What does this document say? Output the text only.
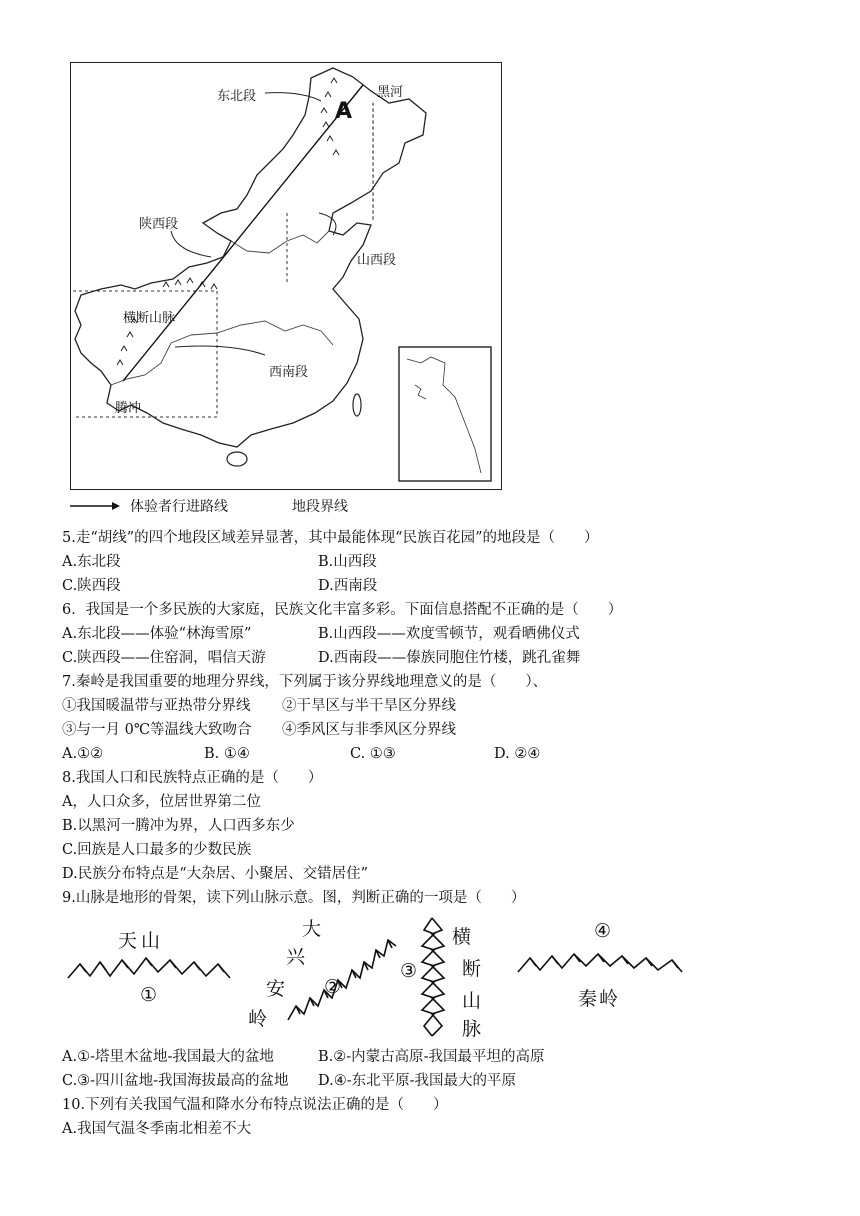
东北段	黑河
A
陕西段
山西段
横断山脉
西南段
腾冲
体验者行进路线	地段界线
5.走“胡线”的四个地段区域差异显著，其中最能体现“民族百花园”的地段是（　　）
A.东北段	B.山西段
C.陕西段	D.西南段
6．我国是一个多民族的大家庭，民族文化丰富多彩。下面信息搭配不正确的是（　　）
A.东北段——体验“林海雪原”	B.山西段——欢度雪顿节，观看晒佛仪式
C.陕西段——住窑洞，唱信天游	D.西南段——傣族同胞住竹楼，跳孔雀舞
7.秦岭是我国重要的地理分界线，下列属于该分界线地理意义的是（　　）、
①我国暖温带与亚热带分界线 ②干旱区与半干旱区分界线
③与一月 0℃等温线大致吻合 ④季风区与非季风区分界线
A.①②	B. ①④	C. ①③	D. ②④
8.我国人口和民族特点正确的是（　　）
A，人口众多，位居世界第二位
B.以黑河一腾冲为界，人口西多东少
C.回族是人口最多的少数民族
D.民族分布特点是“大杂居、小聚居、交错居住”
9.山脉是地形的骨架，读下列山脉示意。图，判断正确的一项是（　　）
天山
①
大
兴
安
岭
②
③
横
断
山
脉
④
秦岭
A.①-塔里木盆地-我国最大的盆地	B.②-内蒙古高原-我国最平坦的高原
C.③-四川盆地-我国海拔最高的盆地 D.④-东北平原-我国最大的平原
10.下列有关我国气温和降水分布特点说法正确的是（　　）
A.我国气温冬季南北相差不大
